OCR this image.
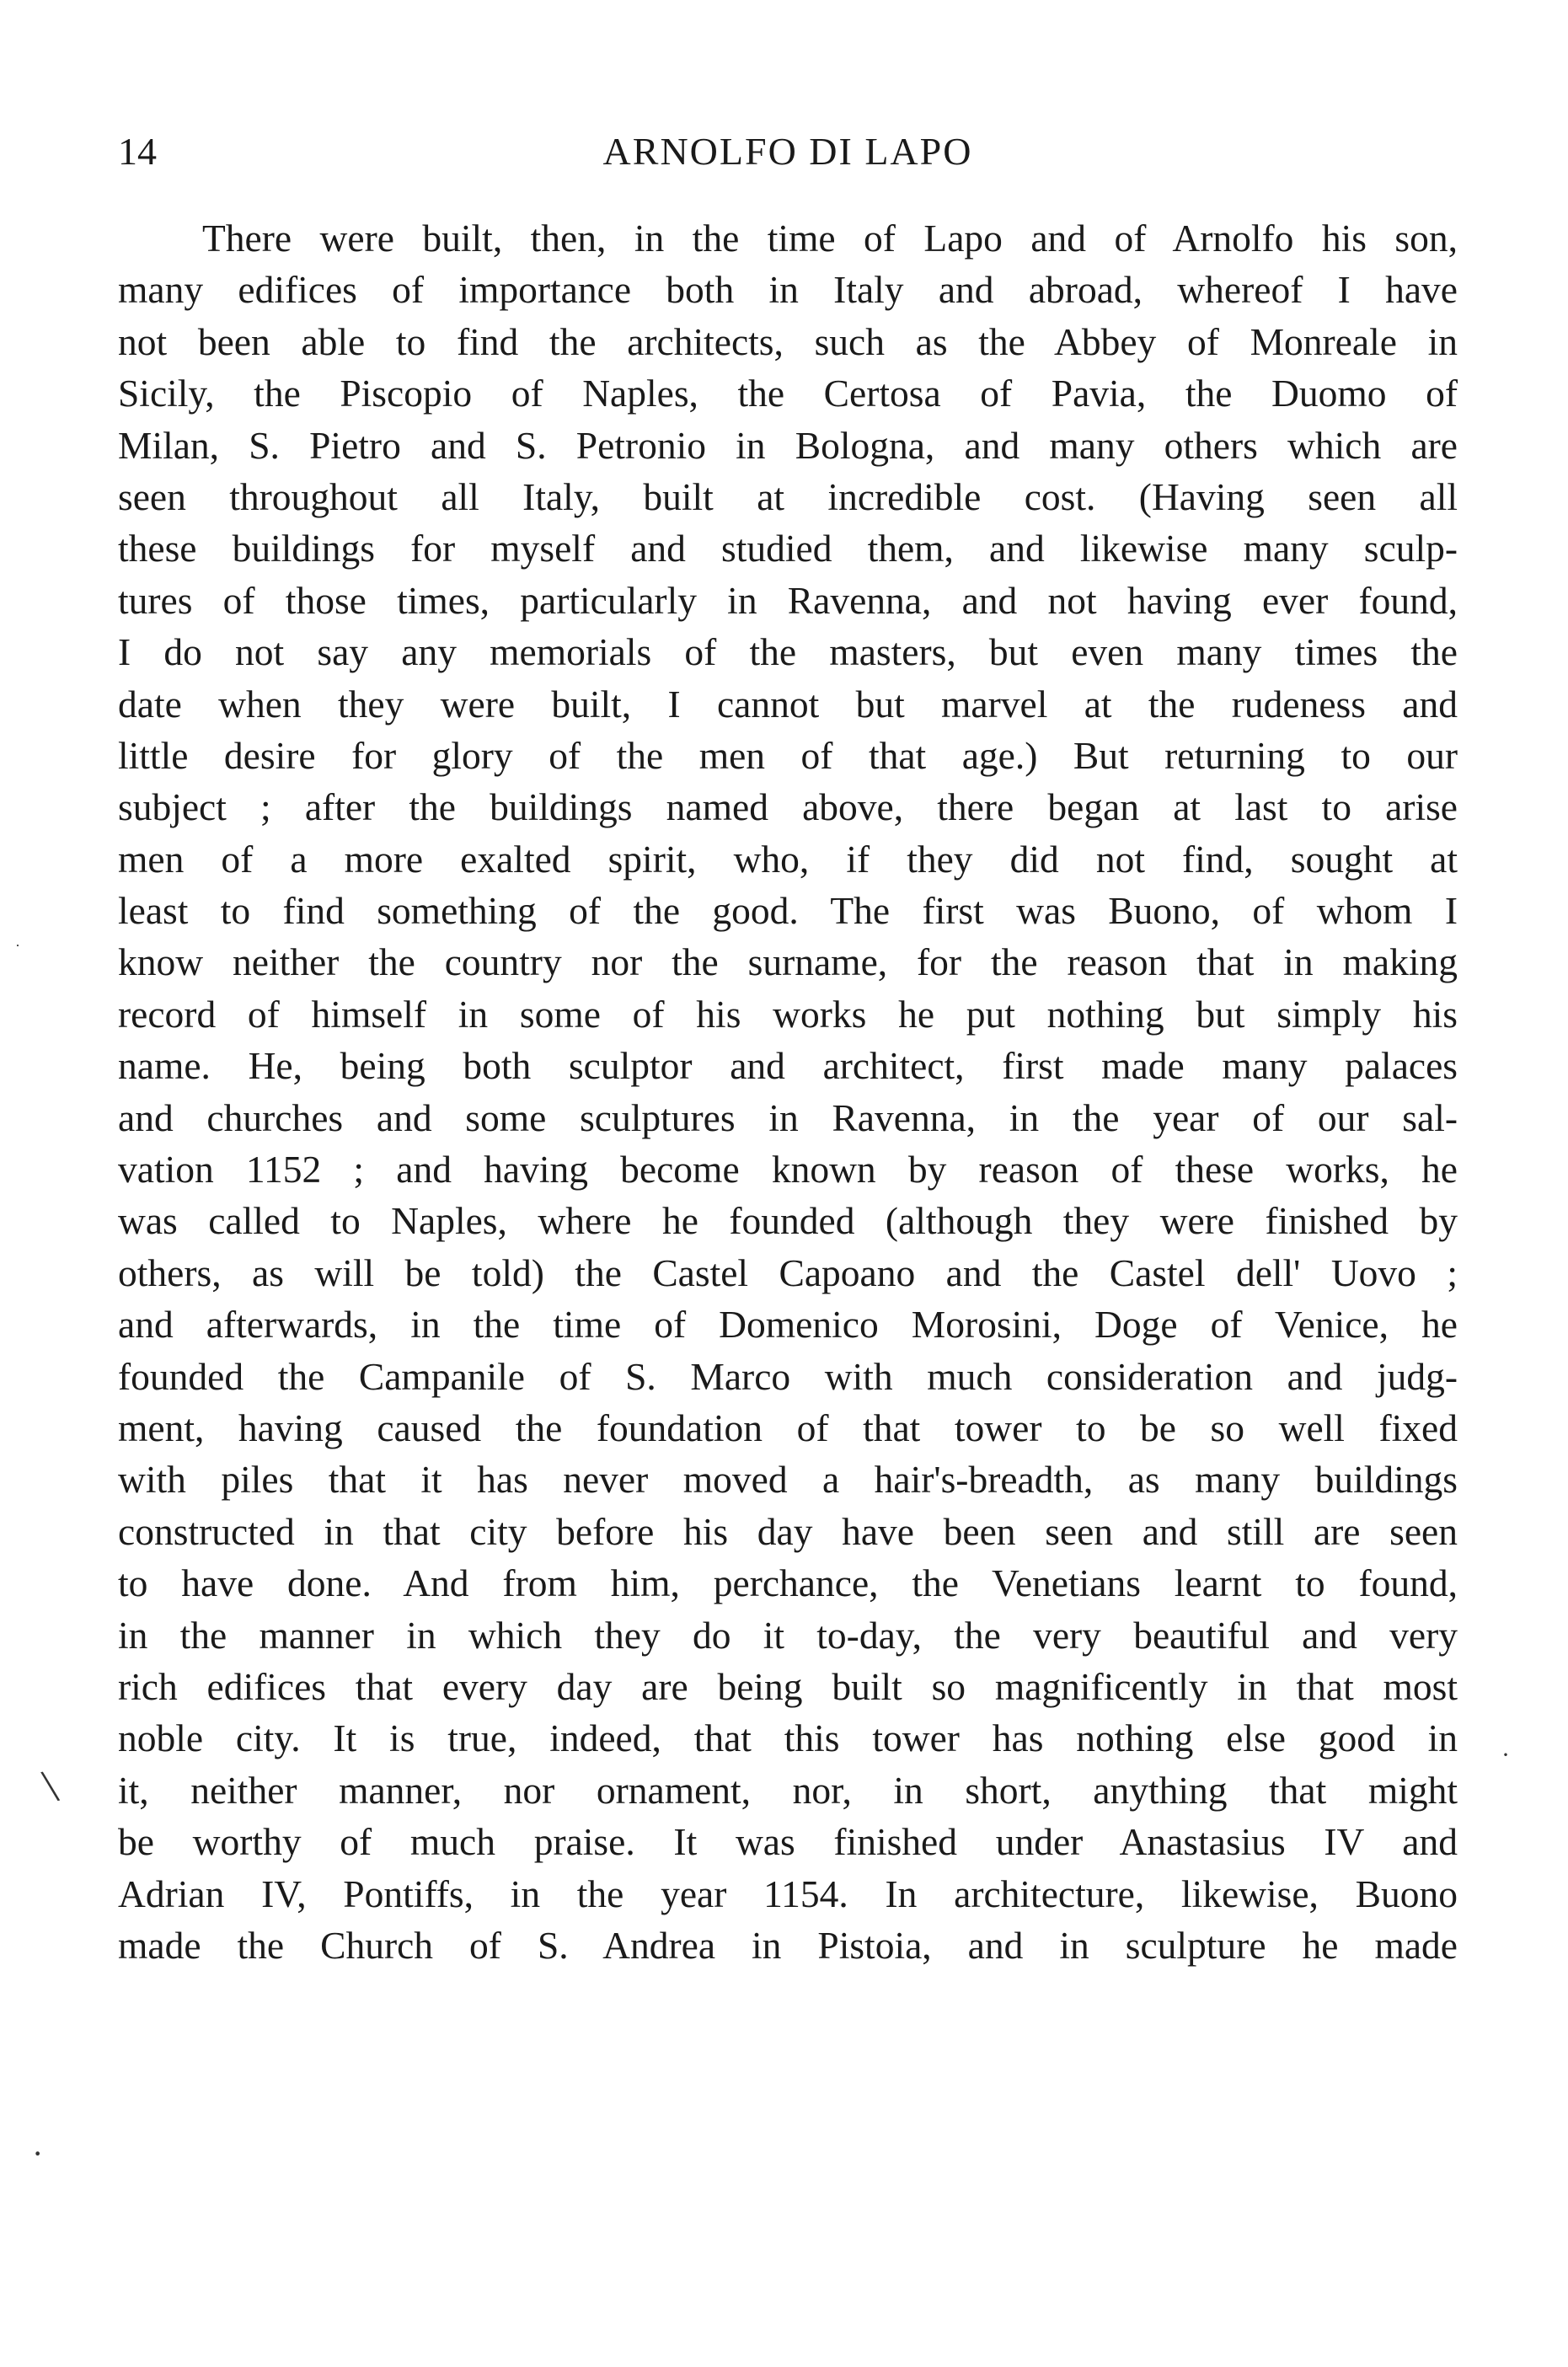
14	ARNOLFO DI LAPO
There were built, then, in the time of Lapo and of Arnolfo his son,
many edifices of importance both in Italy and abroad, whereof I have
not been able to find the architects, such as the Abbey of Monreale in
Sicily, the Piscopio of Naples, the Certosa of Pavia, the Duomo of
Milan, S. Pietro and S. Petronio in Bologna, and many others which are
seen throughout all Italy, built at incredible cost. (Having seen all
these buildings for myself and studied them, and likewise many sculp-
tures of those times, particularly in Ravenna, and not having ever found,
I do not say any memorials of the masters, but even many times the
date when they were built, I cannot but marvel at the rudeness and
little desire for glory of the men of that age.) But returning to our
subject ; after the buildings named above, there began at last to arise
men of a more exalted spirit, who, if they did not find, sought at
least to find something of the good. The first was Buono, of whom I
know neither the country nor the surname, for the reason that in making
record of himself in some of his works he put nothing but simply his
name. He, being both sculptor and architect, first made many palaces
and churches and some sculptures in Ravenna, in the year of our sal-
vation 1152 ; and having become known by reason of these works, he
was called to Naples, where he founded (although they were finished by
others, as will be told) the Castel Capoano and the Castel dell' Uovo ;
and afterwards, in the time of Domenico Morosini, Doge of Venice, he
founded the Campanile of S. Marco with much consideration and judg-
ment, having caused the foundation of that tower to be so well fixed
with piles that it has never moved a hair's-breadth, as many buildings
constructed in that city before his day have been seen and still are seen
to have done. And from him, perchance, the Venetians learnt to found,
in the manner in which they do it to-day, the very beautiful and very
rich edifices that every day are being built so magnificently in that most
noble city. It is true, indeed, that this tower has nothing else good in
it, neither manner, nor ornament, nor, in short, anything that might
be worthy of much praise. It was finished under Anastasius IV and
Adrian IV, Pontiffs, in the year 1154. In architecture, likewise, Buono
made the Church of S. Andrea in Pistoia, and in sculpture he made
\
·
·
·
